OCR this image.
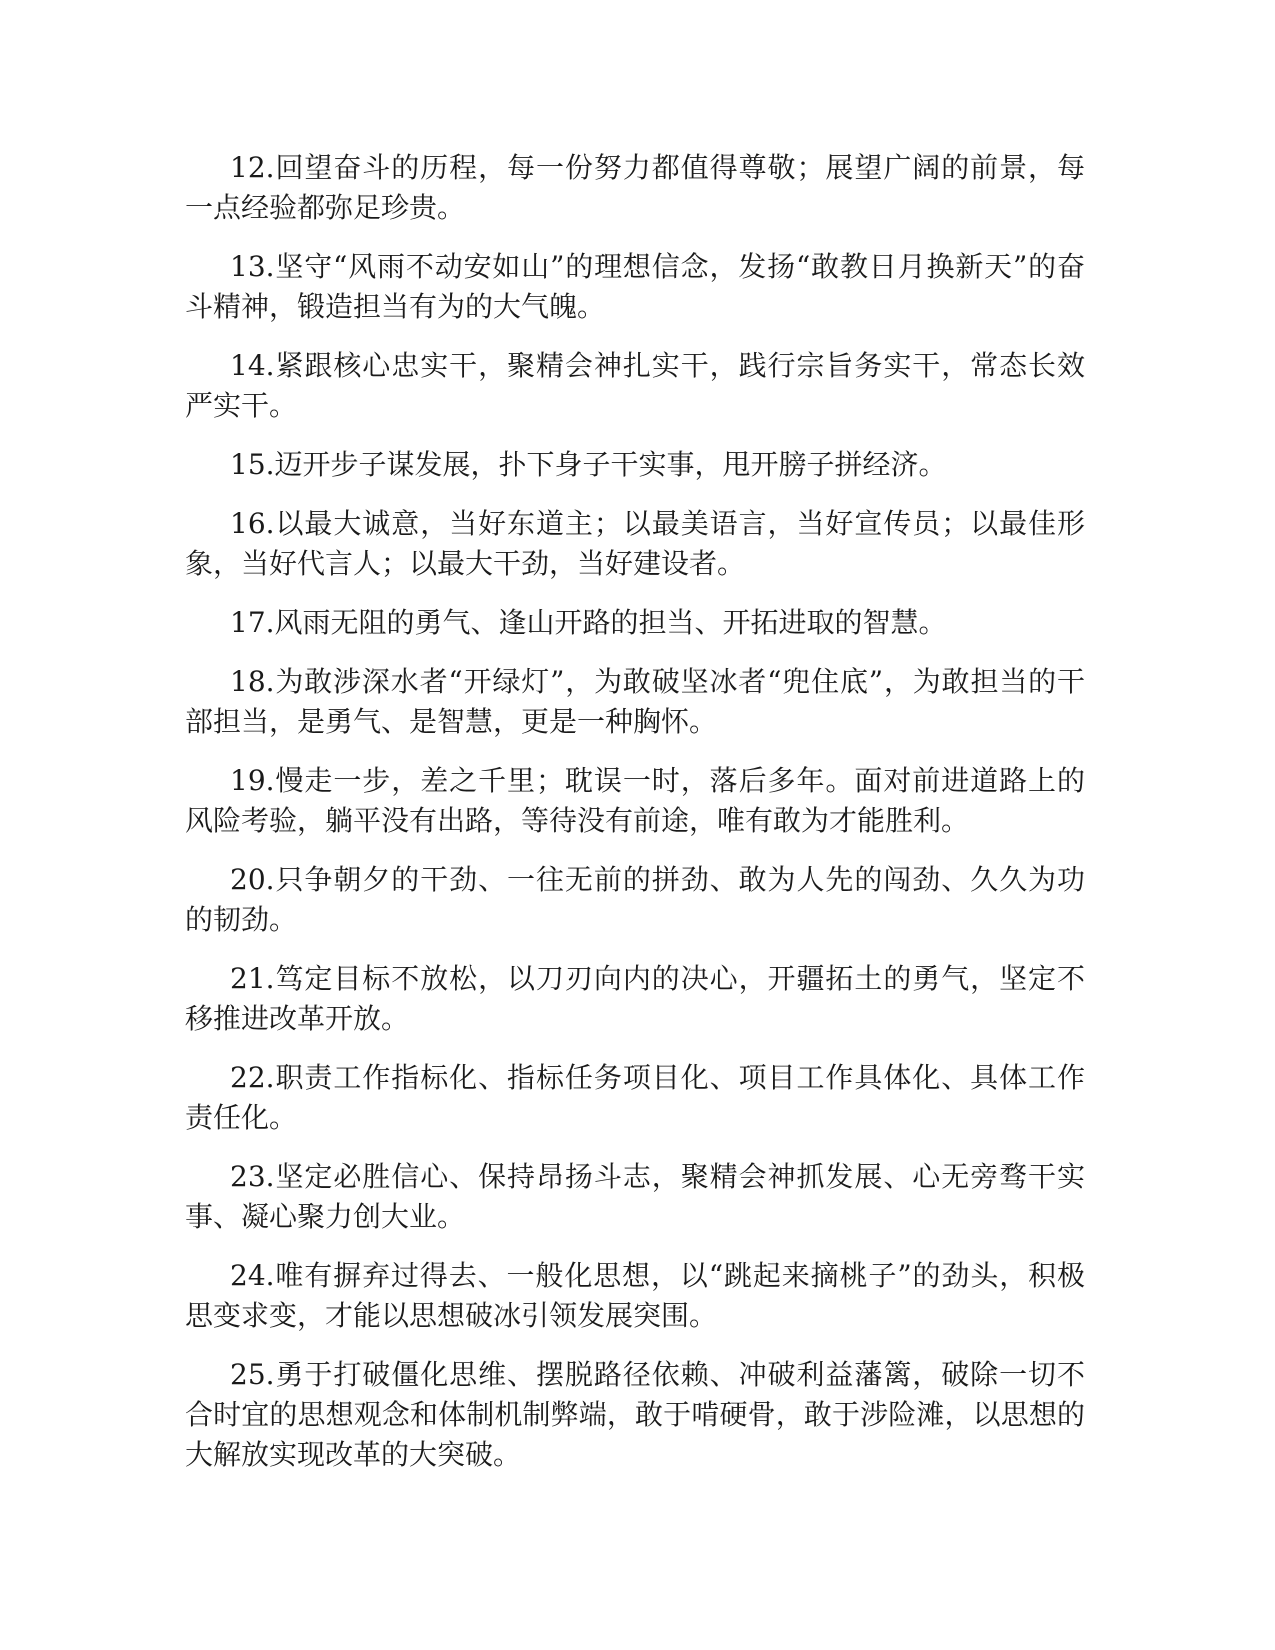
12.回望奋斗的历程，每一份努力都值得尊敬；展望广阔的前景，每一点经验都弥足珍贵。

13.坚守“风雨不动安如山”的理想信念，发扬“敢教日月换新天”的奋斗精神，锻造担当有为的大气魄。

14.紧跟核心忠实干，聚精会神扎实干，践行宗旨务实干，常态长效严实干。

15.迈开步子谋发展，扑下身子干实事，甩开膀子拼经济。

16.以最大诚意，当好东道主；以最美语言，当好宣传员；以最佳形象，当好代言人；以最大干劲，当好建设者。

17.风雨无阻的勇气、逢山开路的担当、开拓进取的智慧。

18.为敢涉深水者“开绿灯”，为敢破坚冰者“兜住底”，为敢担当的干部担当，是勇气、是智慧，更是一种胸怀。

19.慢走一步，差之千里；耽误一时，落后多年。面对前进道路上的风险考验，躺平没有出路，等待没有前途，唯有敢为才能胜利。

20.只争朝夕的干劲、一往无前的拼劲、敢为人先的闯劲、久久为功的韧劲。

21.笃定目标不放松，以刀刃向内的决心，开疆拓土的勇气，坚定不移推进改革开放。

22.职责工作指标化、指标任务项目化、项目工作具体化、具体工作责任化。

23.坚定必胜信心、保持昂扬斗志，聚精会神抓发展、心无旁骛干实事、凝心聚力创大业。

24.唯有摒弃过得去、一般化思想，以“跳起来摘桃子”的劲头，积极思变求变，才能以思想破冰引领发展突围。

25.勇于打破僵化思维、摆脱路径依赖、冲破利益藩篱，破除一切不合时宜的思想观念和体制机制弊端，敢于啃硬骨，敢于涉险滩，以思想的大解放实现改革的大突破。
